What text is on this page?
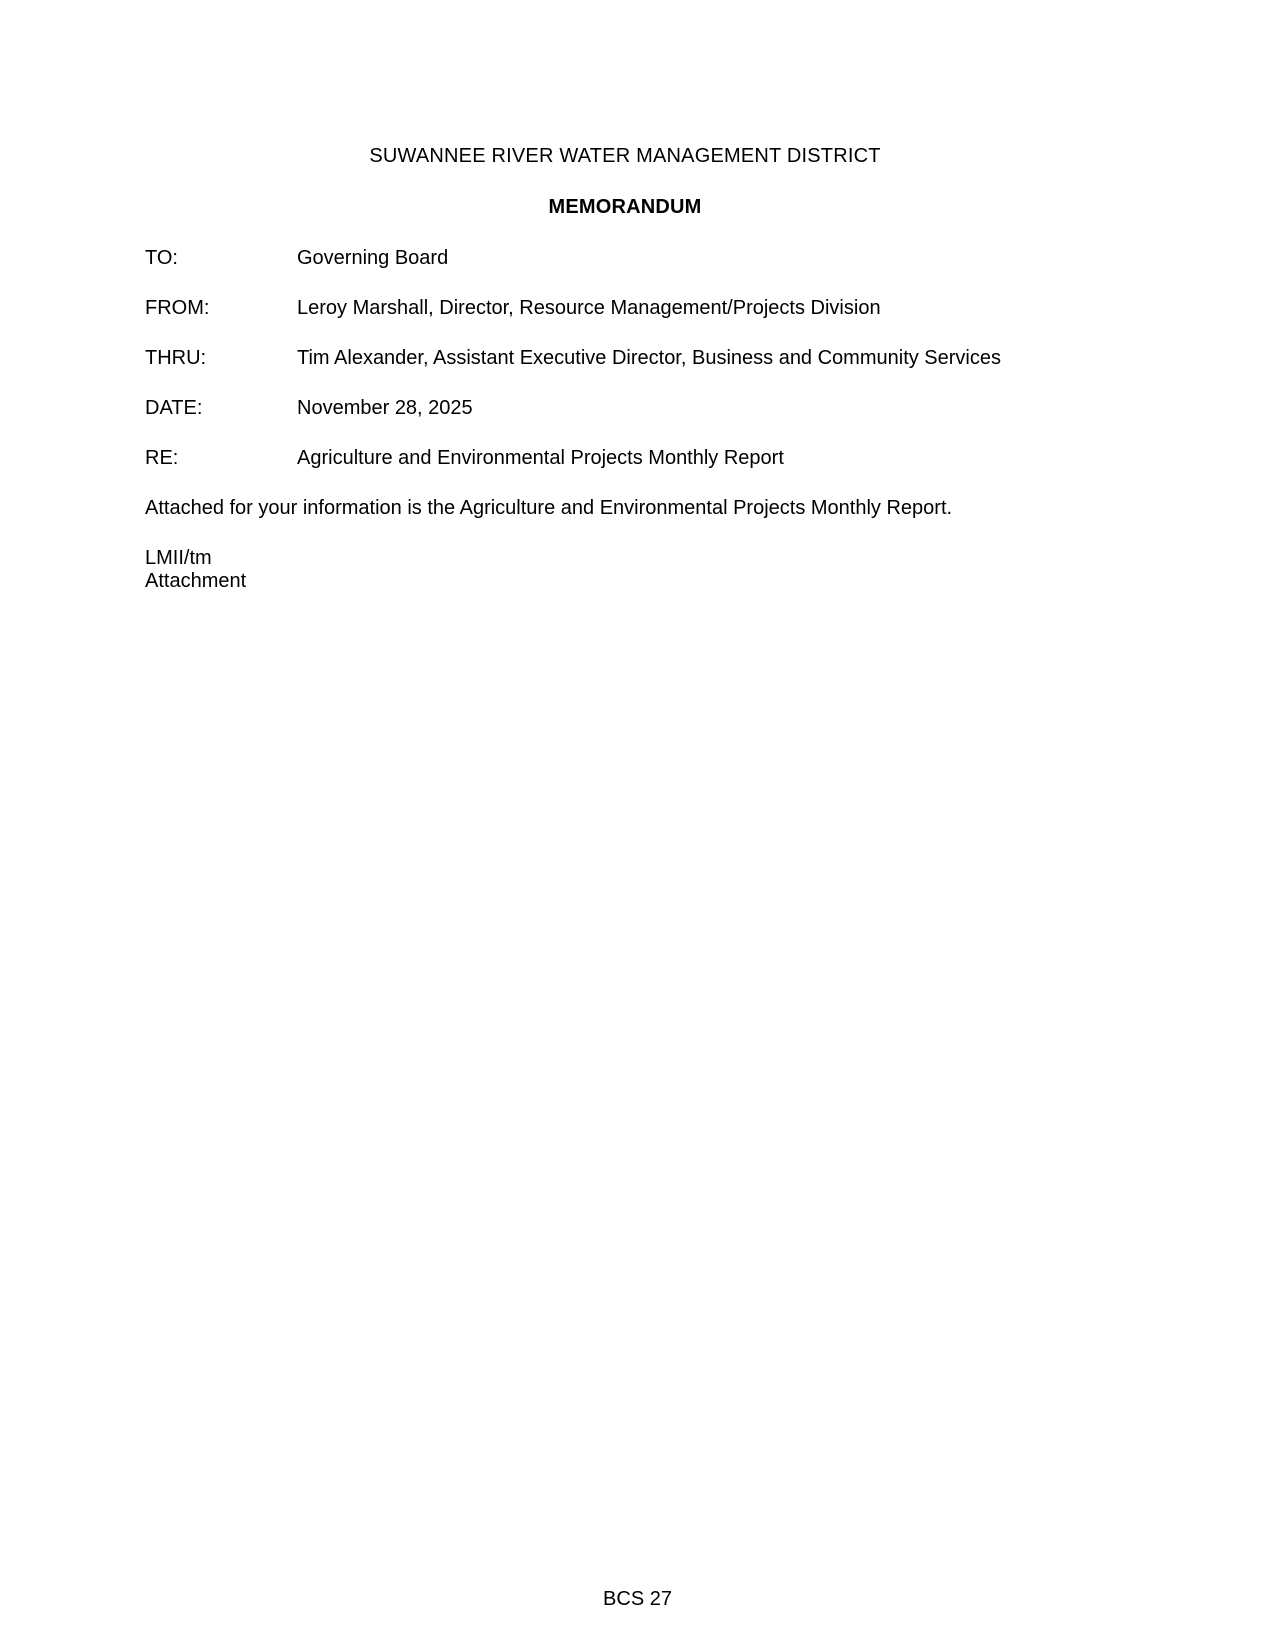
SUWANNEE RIVER WATER MANAGEMENT DISTRICT
MEMORANDUM
TO:	Governing Board
FROM:	Leroy Marshall, Director, Resource Management/Projects Division
THRU:	Tim Alexander, Assistant Executive Director, Business and Community Services
DATE:	November 28, 2025
RE:	Agriculture and Environmental Projects Monthly Report

Attached for your information is the Agriculture and Environmental Projects Monthly Report.

LMII/tm
Attachment
BCS 27
